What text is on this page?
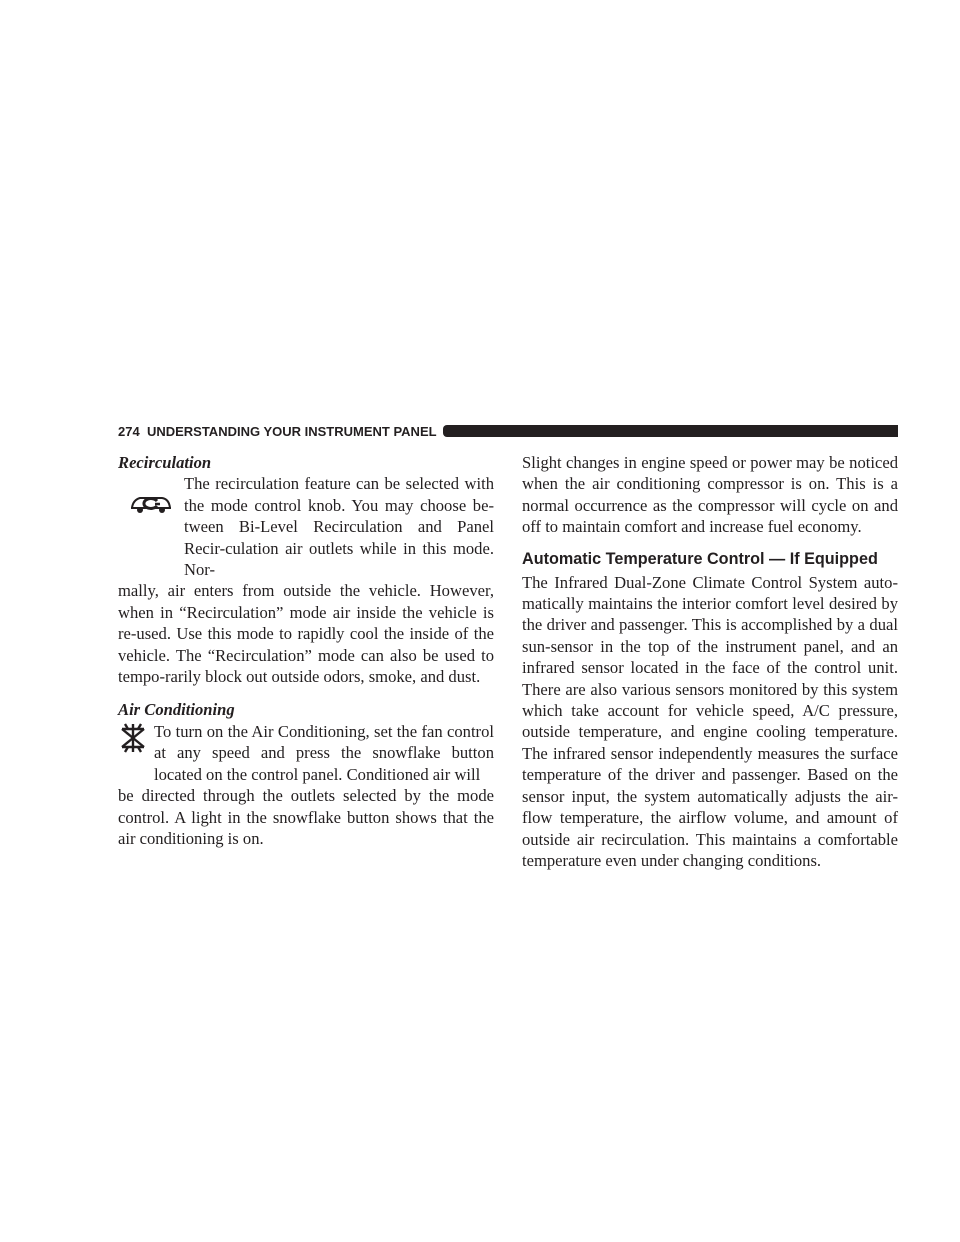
274 UNDERSTANDING YOUR INSTRUMENT PANEL

Recirculation

The recirculation feature can be selected with the mode control knob. You may choose be-tween Bi-Level Recirculation and Panel Recir-culation air outlets while in this mode. Nor-

mally, air enters from outside the vehicle. However, when in “Recirculation” mode air inside the vehicle is re-used. Use this mode to rapidly cool the inside of the vehicle. The “Recirculation” mode can also be used to tempo-rarily block out outside odors, smoke, and dust.

Air Conditioning

To turn on the Air Conditioning, set the fan control at any speed and press the snowflake button located on the control panel. Conditioned air will

be directed through the outlets selected by the mode control. A light in the snowflake button shows that the air conditioning is on.

Slight changes in engine speed or power may be noticed when the air conditioning compressor is on. This is a normal occurrence as the compressor will cycle on and off to maintain comfort and increase fuel economy.

Automatic Temperature Control — If Equipped

The Infrared Dual-Zone Climate Control System auto-matically maintains the interior comfort level desired by the driver and passenger. This is accomplished by a dual sun-sensor in the top of the instrument panel, and an infrared sensor located in the face of the control unit. There are also various sensors monitored by this system which take account for vehicle speed, A/C pressure, outside temperature, and engine cooling temperature. The infrared sensor independently measures the surface temperature of the driver and passenger. Based on the sensor input, the system automatically adjusts the air-flow temperature, the airflow volume, and amount of outside air recirculation. This maintains a comfortable temperature even under changing conditions.
